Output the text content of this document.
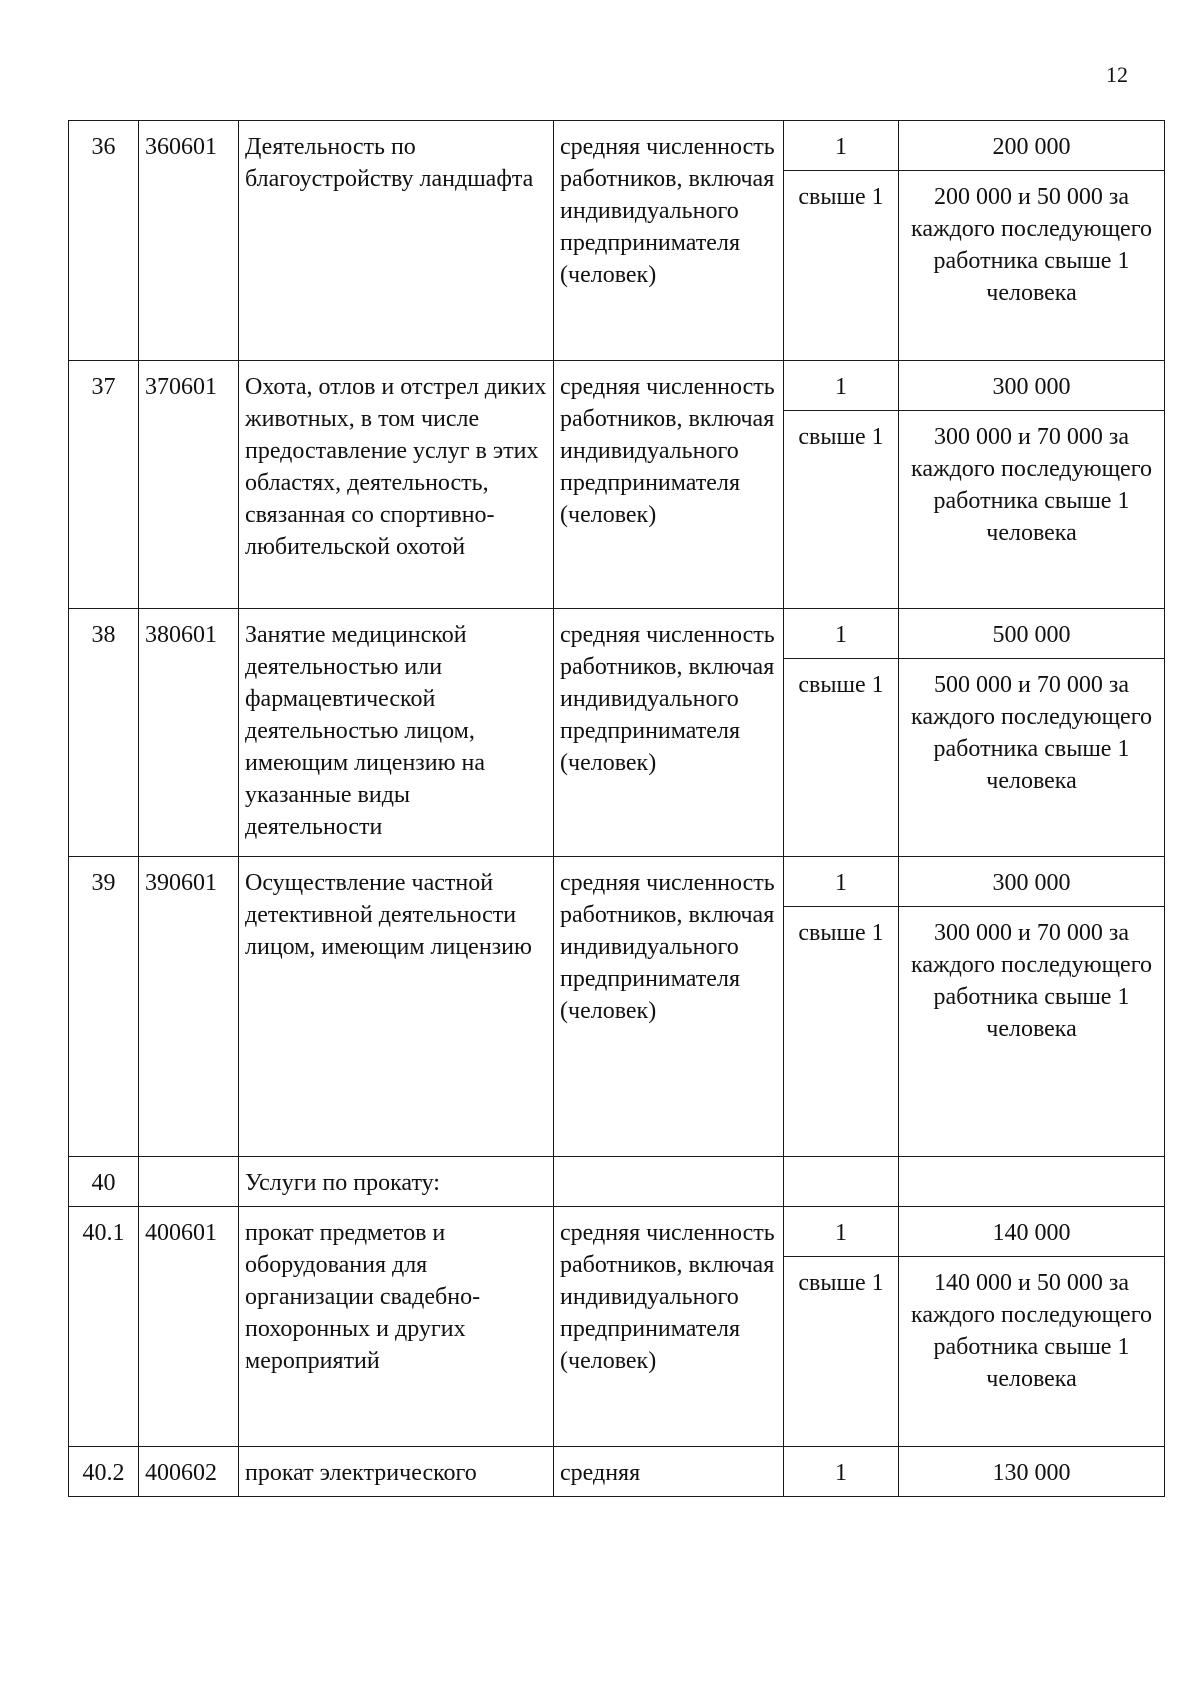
12
36	360601	Деятельность по благоустройству ландшафта	средняя численность работников, включая индивидуального предпринимателя (человек)	1	200 000
				свыше 1	200 000 и 50 000 за каждого последующего работника свыше 1 человека
37	370601	Охота, отлов и отстрел диких животных, в том числе предоставление услуг в этих областях, деятельность, связанная со спортивно-любительской охотой	средняя численность работников, включая индивидуального предпринимателя (человек)	1	300 000
				свыше 1	300 000 и 70 000 за каждого последующего работника свыше 1 человека
38	380601	Занятие медицинской деятельностью или фармацевтической деятельностью лицом, имеющим лицензию на указанные виды деятельности	средняя численность работников, включая индивидуального предпринимателя (человек)	1	500 000
				свыше 1	500 000 и 70 000 за каждого последующего работника свыше 1 человека
39	390601	Осуществление частной детективной деятельности лицом, имеющим лицензию	средняя численность работников, включая индивидуального предпринимателя (человек)	1	300 000
				свыше 1	300 000 и 70 000 за каждого последующего работника свыше 1 человека
40		Услуги по прокату:			
40.1	400601	прокат предметов и оборудования для организации свадебно-похоронных и других мероприятий	средняя численность работников, включая индивидуального предпринимателя (человек)	1	140 000
				свыше 1	140 000 и 50 000 за каждого последующего работника свыше 1 человека
40.2	400602	прокат электрического	средняя	1	130 000
